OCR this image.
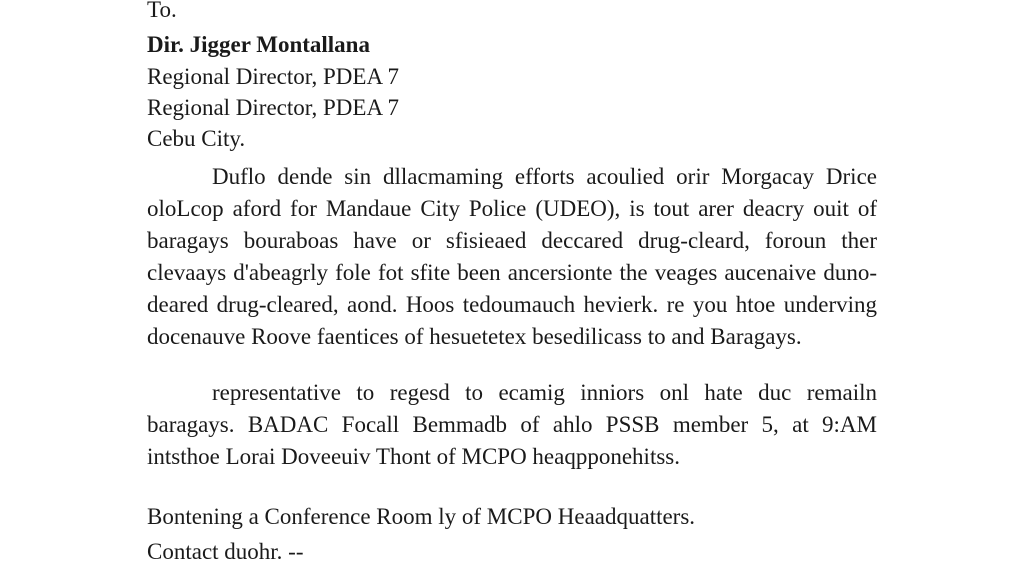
To.
Dir. Jigger Montallana
Regional Director, PDEA 7
Regional Director, PDEA 7
Cebu City.
Duflo dende sin dllacmaming efforts acoulied orir Morgacay Drice oloLcop aford for Mandaue City Police (UDEO), is tout arer deacry ouit of baragays bouraboas have or sfisieaed deccared drug-cleard, foroun ther clevaays d'abeagrly fole fot sfite been ancersionte the veages aucenaive duno-deared drug-cleared, aond. Hoos tedoumauch hevierk. re you htoe underving docenauve Roove faentices of hesuetetex besedilicass to and Baragays.
representative to regesd to ecamig inniors onl hate duc remailn baragays. BADAC Focall Bemmadb of ahlo PSSB member 5, at 9:AM intsthoe Lorai Doveeuiv Thont of MCPO heaqpponehitss.
Bontening a Conference Room ly of MCPO Heaadquatters.
Contact duohr. --
